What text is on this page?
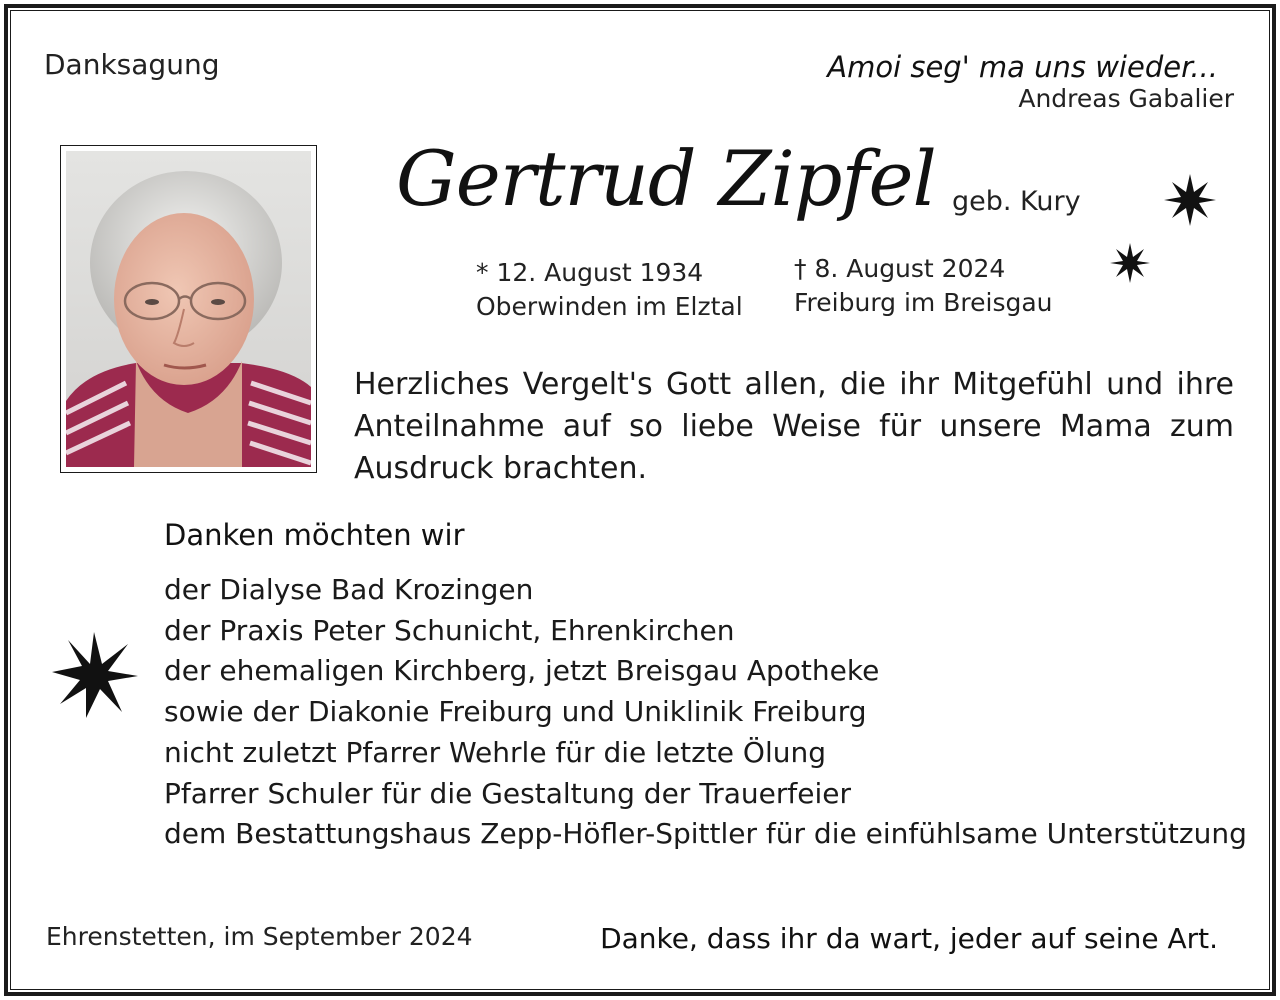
Danksagung	Amoi seg' ma uns wieder...
Andreas Gabalier
Gertrud Zipfel geb. Kury
* 12. August 1934
Oberwinden im Elztal
† 8. August 2024
Freiburg im Breisgau
Herzliches Vergelt's Gott allen, die ihr Mitgefühl und ihre Anteilnahme auf so liebe Weise für unsere Mama zum Ausdruck brachten.
Danken möchten wir
der Dialyse Bad Krozingen
der Praxis Peter Schunicht, Ehrenkirchen
der ehemaligen Kirchberg, jetzt Breisgau Apotheke
sowie der Diakonie Freiburg und Uniklinik Freiburg
nicht zuletzt Pfarrer Wehrle für die letzte Ölung
Pfarrer Schuler für die Gestaltung der Trauerfeier
dem Bestattungshaus Zepp-Höfler-Spittler für die einfühlsame Unterstützung
Ehrenstetten, im September 2024	Danke, dass ihr da wart, jeder auf seine Art.
